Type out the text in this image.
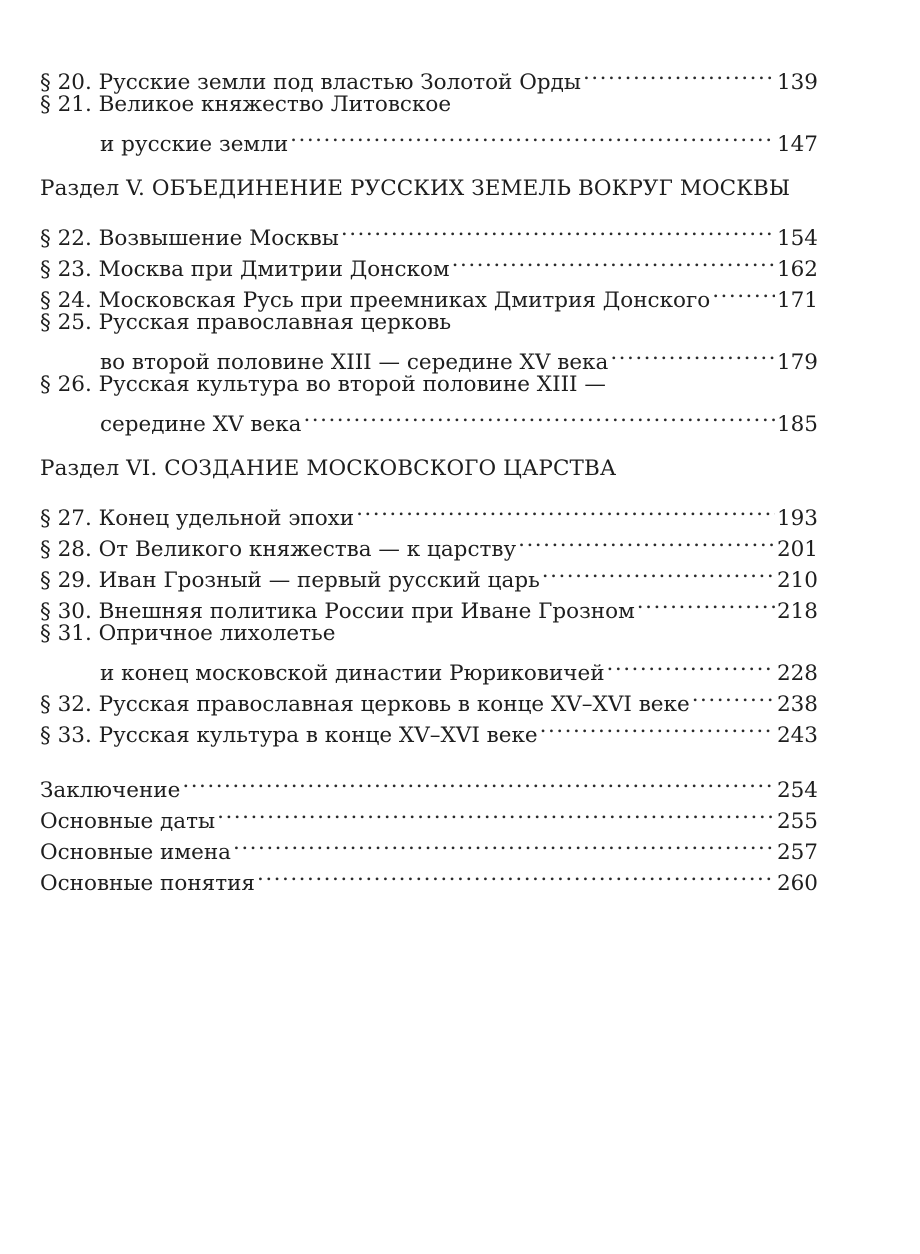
§ 20. Русские земли под властью Золотой Орды .....	139
§ 21. Великое княжество Литовское
и русские земли .....	147
Раздел V. ОБЪЕДИНЕНИЕ РУССКИХ ЗЕМЕЛЬ ВОКРУГ МОСКВЫ
§ 22. Возвышение Москвы .....	154
§ 23. Москва при Дмитрии Донском .....	162
§ 24. Московская Русь при преемниках Дмитрия Донского .....	171
§ 25. Русская православная церковь
во второй половине XIII — середине XV века .....	179
§ 26. Русская культура во второй половине XIII —
середине XV века .....	185
Раздел VI. СОЗДАНИЕ МОСКОВСКОГО ЦАРСТВА
§ 27. Конец удельной эпохи .....	193
§ 28. От Великого княжества — к царству .....	201
§ 29. Иван Грозный — первый русский царь .....	210
§ 30. Внешняя политика России при Иване Грозном .....	218
§ 31. Опричное лихолетье
и конец московской династии Рюриковичей .....	228
§ 32. Русская православная церковь в конце XV–XVI веке .....	238
§ 33. Русская культура в конце XV–XVI веке .....	243
Заключение .....	254
Основные даты .....	255
Основные имена .....	257
Основные понятия .....	260
